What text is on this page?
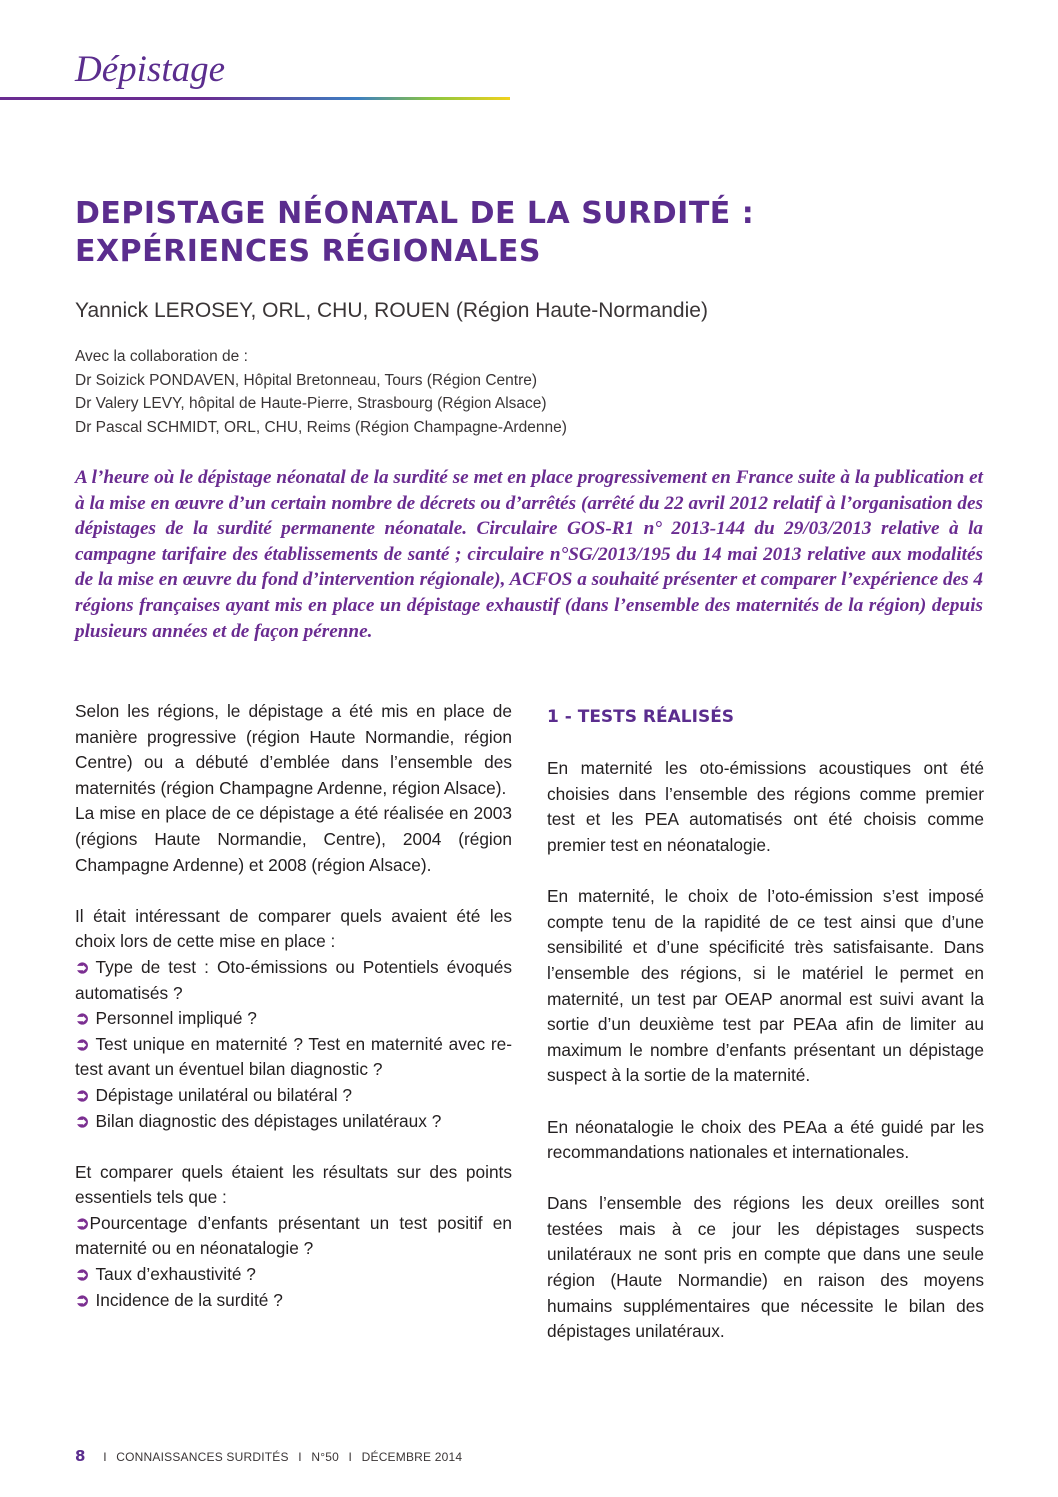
Dépistage
DEPISTAGE NÉONATAL DE LA SURDITÉ : EXPÉRIENCES RÉGIONALES

Yannick LEROSEY, ORL, CHU, ROUEN (Région Haute-Normandie)

Avec la collaboration de :
Dr Soizick PONDAVEN, Hôpital Bretonneau, Tours (Région Centre)
Dr Valery LEVY, hôpital de Haute-Pierre, Strasbourg (Région Alsace)
Dr Pascal SCHMIDT, ORL, CHU, Reims (Région Champagne-Ardenne)

A l’heure où le dépistage néonatal de la surdité se met en place progressivement en France suite à la publication et à la mise en œuvre d’un certain nombre de décrets ou d’arrêtés (arrêté du 22 avril 2012 relatif à l’organisation des dépistages de la surdité permanente néonatale. Circulaire GOS-R1 n° 2013-144 du 29/03/2013 relative à la campagne tarifaire des établissements de santé ; circulaire n°SG/2013/195 du 14 mai 2013 relative aux modalités de la mise en œuvre du fond d’intervention régionale), ACFOS a souhaité présenter et comparer l’expérience des 4 régions françaises ayant mis en place un dépistage exhaustif (dans l’ensemble des maternités de la région) depuis plusieurs années et de façon pérenne.

Selon les régions, le dépistage a été mis en place de manière progressive (région Haute Normandie, région Centre) ou a débuté d’emblée dans l’ensemble des maternités (région Champagne Ardenne, région Alsace).

La mise en place de ce dépistage a été réalisée en 2003 (régions Haute Normandie, Centre), 2004 (région Champagne Ardenne) et 2008 (région Alsace).

Il était intéressant de comparer quels avaient été les choix lors de cette mise en place :

➲ Type de test : Oto-émissions ou Potentiels évoqués automatisés ?

➲ Personnel impliqué ?

➲ Test unique en maternité ? Test en maternité avec re-test avant un éventuel bilan diagnostic ?

➲ Dépistage unilatéral ou bilatéral ?

➲ Bilan diagnostic des dépistages unilatéraux ?

Et comparer quels étaient les résultats sur des points essentiels tels que :

➲Pourcentage d’enfants présentant un test positif en maternité ou en néonatalogie ?

➲ Taux d’exhaustivité ?

➲ Incidence de la surdité ?

1 - TESTS RÉALISÉS

En maternité les oto-émissions acoustiques ont été choisies dans l’ensemble des régions comme premier test et les PEA automatisés ont été choisis comme premier test en néonatalogie.

En maternité, le choix de l’oto-émission s’est imposé compte tenu de la rapidité de ce test ainsi que d’une sensibilité et d’une spécificité très satisfaisante. Dans l’ensemble des régions, si le matériel le permet en maternité, un test par OEAP anormal est suivi avant la sortie d’un deuxième test par PEAa afin de limiter au maximum le nombre d’enfants présentant un dépistage suspect à la sortie de la maternité.

En néonatalogie le choix des PEAa a été guidé par les recommandations nationales et internationales.

Dans l’ensemble des régions les deux oreilles sont testées mais à ce jour les dépistages suspects unilatéraux ne sont pris en compte que dans une seule région (Haute Normandie) en raison des moyens humains supplémentaires que nécessite le bilan des dépistages unilatéraux.

8 I CONNAISSANCES SURDITÉS I N°50 I DÉCEMBRE 2014
